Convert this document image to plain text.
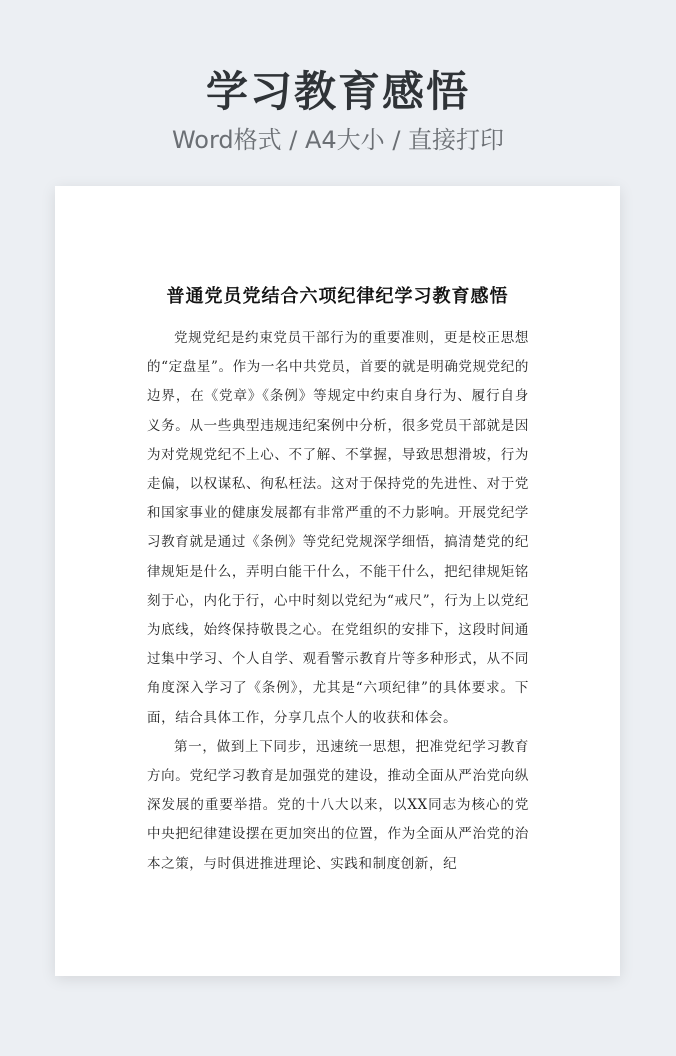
学习教育感悟
Word格式 / A4大小 / 直接打印
普通党员党结合六项纪律纪学习教育感悟

党规党纪是约束党员干部行为的重要准则，更是校正思想的“定盘星”。作为一名中共党员，首要的就是明确党规党纪的边界，在《党章》《条例》等规定中约束自身行为、履行自身义务。从一些典型违规违纪案例中分析，很多党员干部就是因为对党规党纪不上心、不了解、不掌握，导致思想滑坡，行为走偏，以权谋私、徇私枉法。这对于保持党的先进性、对于党和国家事业的健康发展都有非常严重的不力影响。开展党纪学习教育就是通过《条例》等党纪党规深学细悟，搞清楚党的纪律规矩是什么，弄明白能干什么，不能干什么，把纪律规矩铭刻于心，内化于行，心中时刻以党纪为“戒尺”，行为上以党纪为底线，始终保持敬畏之心。在党组织的安排下，这段时间通过集中学习、个人自学、观看警示教育片等多种形式，从不同角度深入学习了《条例》，尤其是“六项纪律”的具体要求。下面，结合具体工作，分享几点个人的收获和体会。

第一，做到上下同步，迅速统一思想，把准党纪学习教育方向。党纪学习教育是加强党的建设，推动全面从严治党向纵深发展的重要举措。党的十八大以来，以XX同志为核心的党中央把纪律建设摆在更加突出的位置，作为全面从严治党的治本之策，与时俱进推进理论、实践和制度创新，纪
